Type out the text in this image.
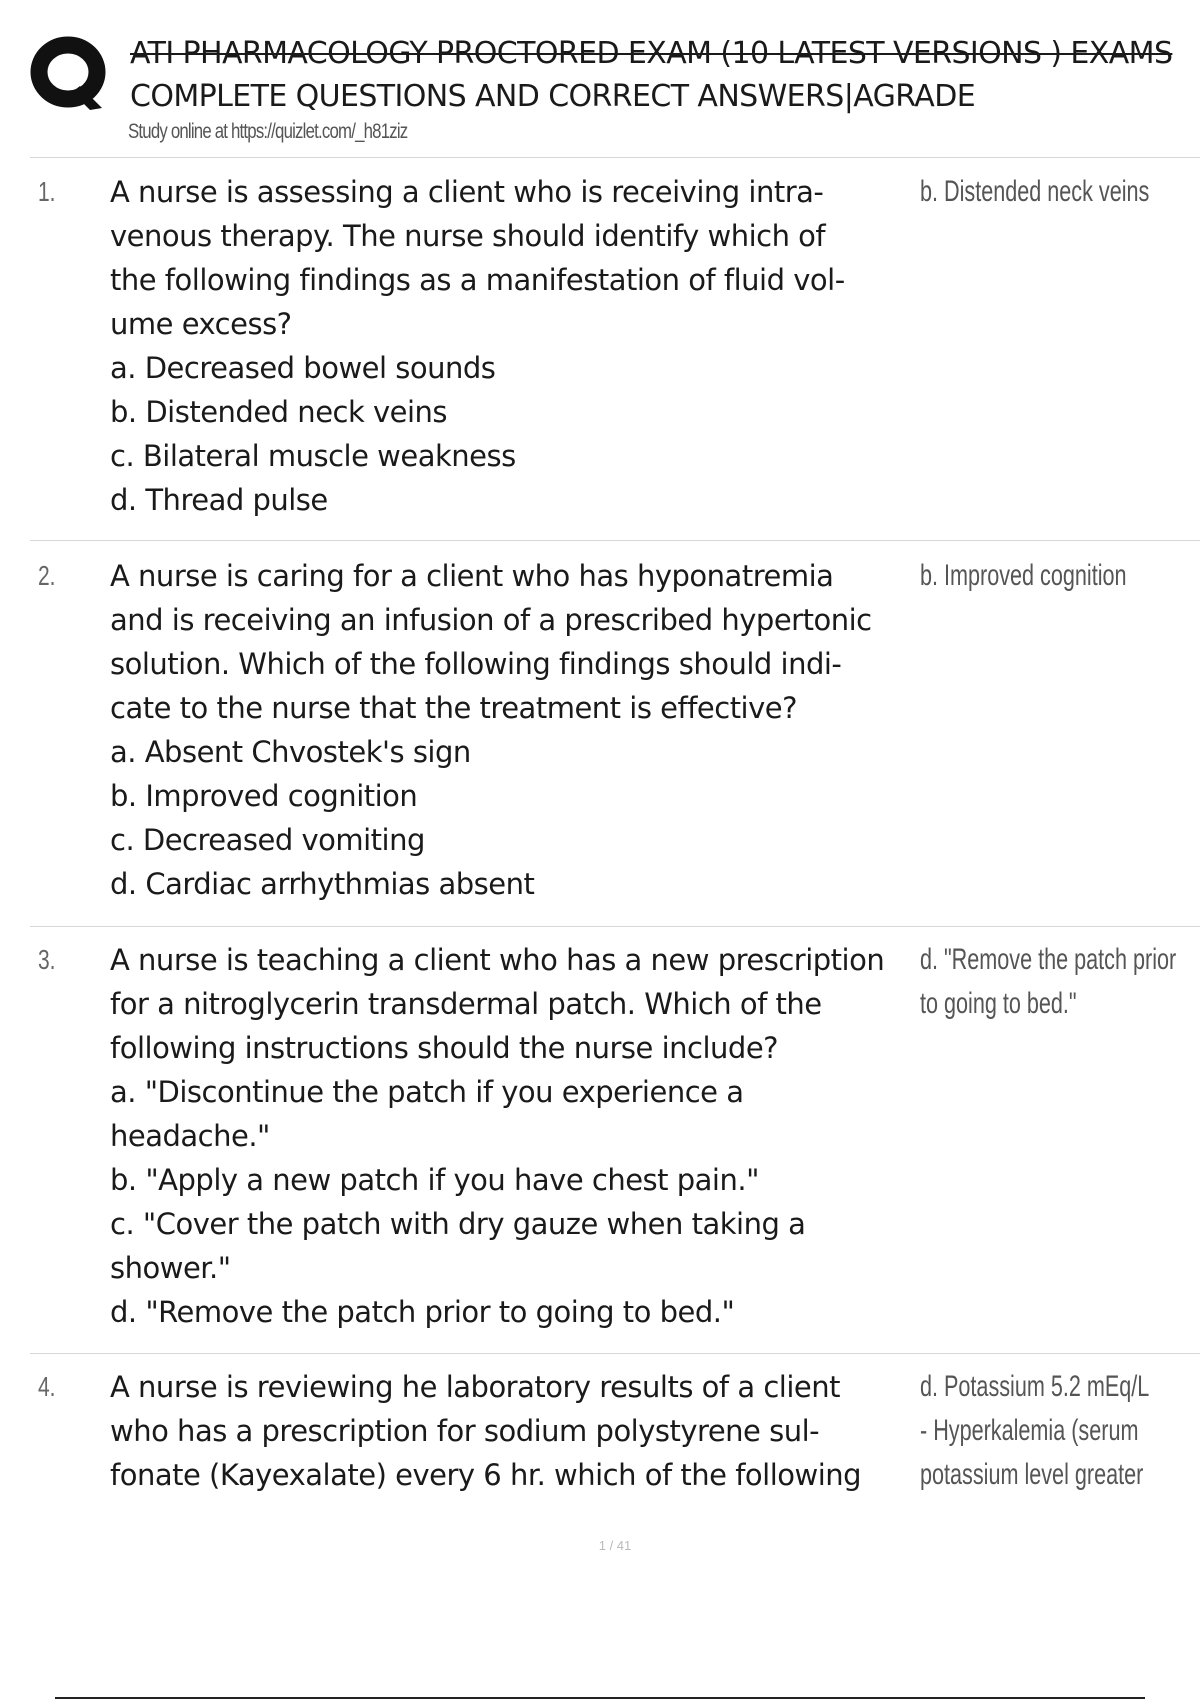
ATI PHARMACOLOGY PROCTORED EXAM (10 LATEST VERSIONS ) EXAMS
COMPLETE QUESTIONS AND CORRECT ANSWERS|AGRADE
Study online at https://quizlet.com/_h81ziz
1. A nurse is assessing a client who is receiving intra-
venous therapy. The nurse should identify which of
the following findings as a manifestation of fluid vol-
ume excess?
a. Decreased bowel sounds
b. Distended neck veins
c. Bilateral muscle weakness
d. Thread pulse
b. Distended neck veins
2. A nurse is caring for a client who has hyponatremia
and is receiving an infusion of a prescribed hypertonic
solution. Which of the following findings should indi-
cate to the nurse that the treatment is effective?
a. Absent Chvostek's sign
b. Improved cognition
c. Decreased vomiting
d. Cardiac arrhythmias absent
b. Improved cognition
3. A nurse is teaching a client who has a new prescription
for a nitroglycerin transdermal patch. Which of the
following instructions should the nurse include?
a. "Discontinue the patch if you experience a
headache."
b. "Apply a new patch if you have chest pain."
c. "Cover the patch with dry gauze when taking a
shower."
d. "Remove the patch prior to going to bed."
d. "Remove the patch prior
to going to bed."
4. A nurse is reviewing he laboratory results of a client
who has a prescription for sodium polystyrene sul-
fonate (Kayexalate) every 6 hr. which of the following
d. Potassium 5.2 mEq/L
- Hyperkalemia (serum
potassium level greater
1 / 41
